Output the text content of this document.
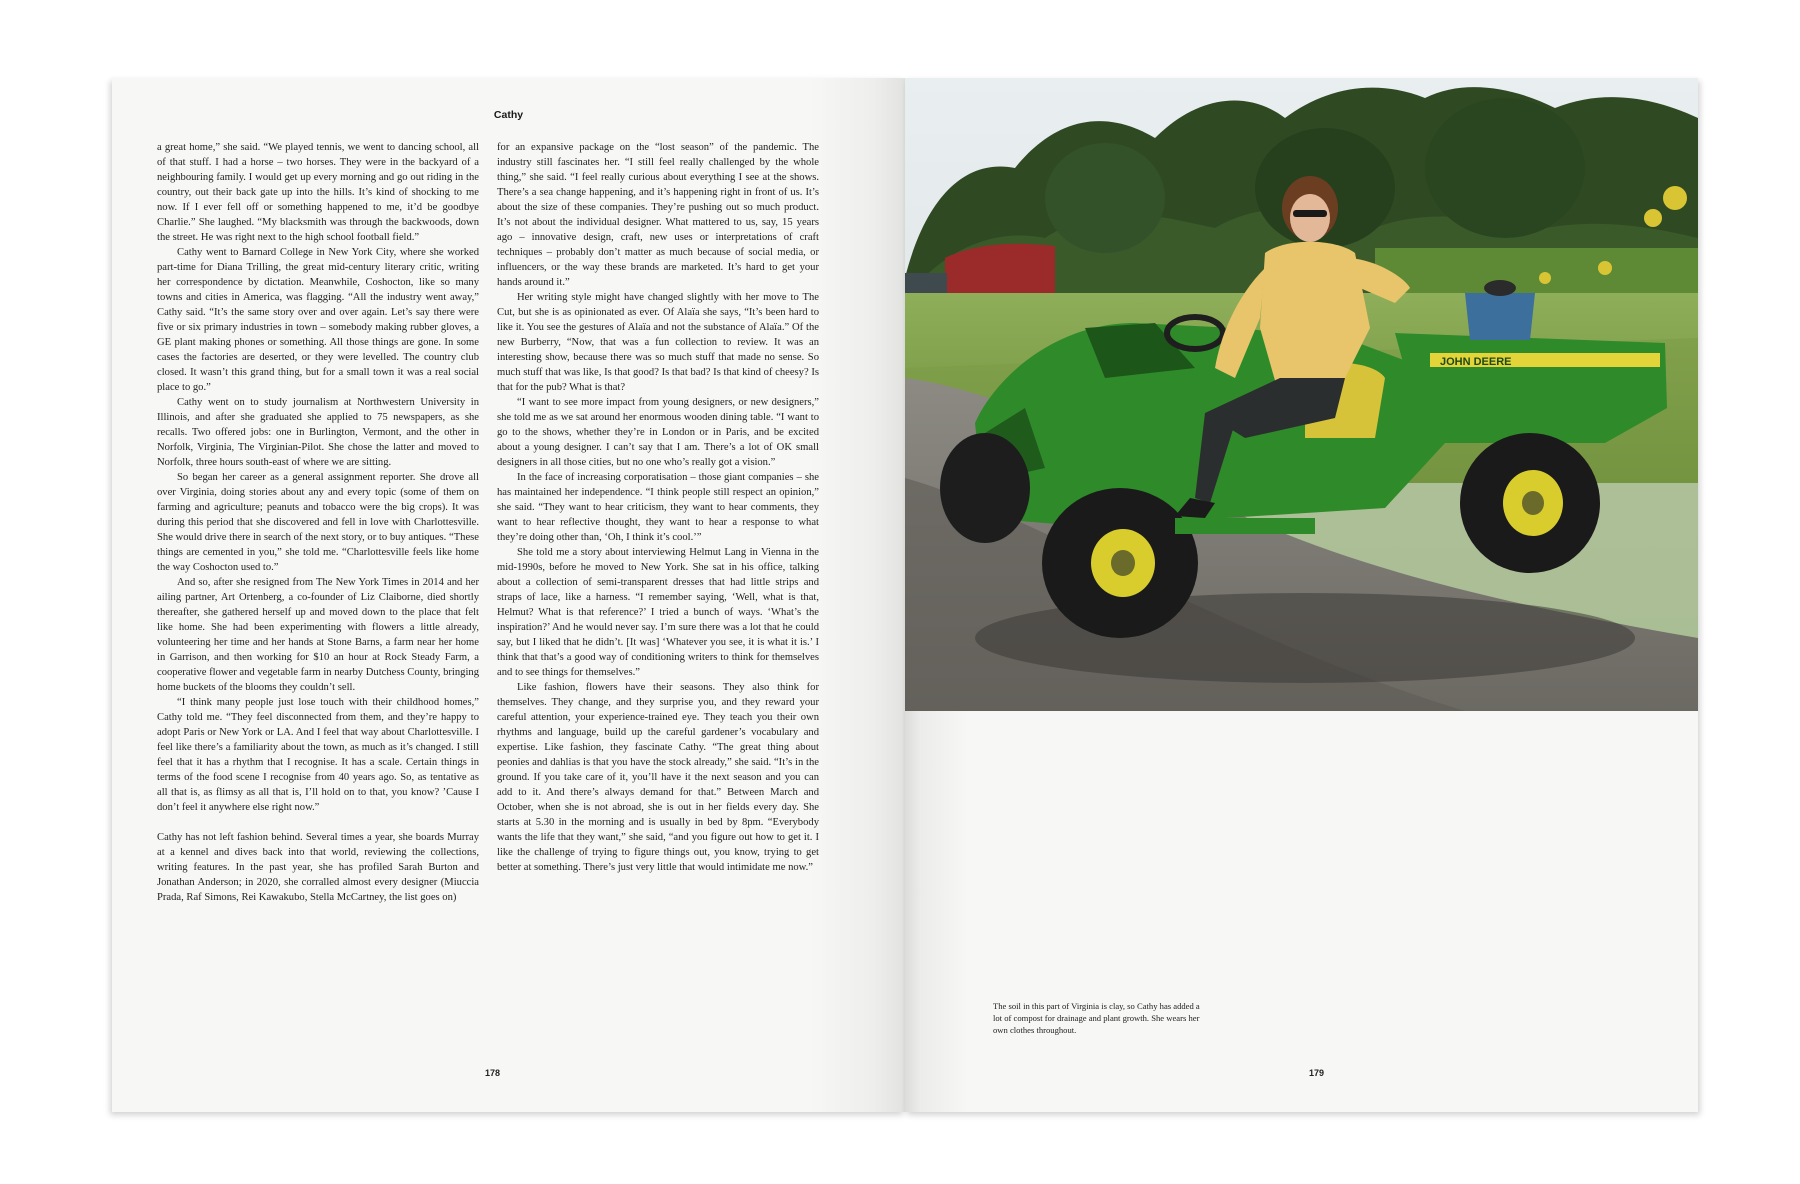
Cathy

a great home,” she said. “We played tennis, we went to dancing school, all of that stuff. I had a horse – two horses. They were in the backyard of a neighbouring family. I would get up every morning and go out riding in the country, out their back gate up into the hills. It’s kind of shocking to me now. If I ever fell off or something happened to me, it’d be goodbye Charlie.” She laughed. “My blacksmith was through the backwoods, down the street. He was right next to the high school football field.”

Cathy went to Barnard College in New York City, where she worked part-time for Diana Trilling, the great mid-century literary critic, writing her correspondence by dictation. Meanwhile, Coshocton, like so many towns and cities in America, was flagging. “All the industry went away,” Cathy said. “It’s the same story over and over again. Let’s say there were five or six primary industries in town – somebody making rubber gloves, a GE plant making phones or something. All those things are gone. In some cases the factories are deserted, or they were levelled. The country club closed. It wasn’t this grand thing, but for a small town it was a real social place to go.”

Cathy went on to study journalism at Northwestern University in Illinois, and after she graduated she applied to 75 newspapers, as she recalls. Two offered jobs: one in Burlington, Vermont, and the other in Norfolk, Virginia, The Virginian-Pilot. She chose the latter and moved to Norfolk, three hours south-east of where we are sitting.

So began her career as a general assignment reporter. She drove all over Virginia, doing stories about any and every topic (some of them on farming and agriculture; peanuts and tobacco were the big crops). It was during this period that she discovered and fell in love with Charlottesville. She would drive there in search of the next story, or to buy antiques. “These things are cemented in you,” she told me. “Charlottesville feels like home the way Coshocton used to.”

And so, after she resigned from The New York Times in 2014 and her ailing partner, Art Ortenberg, a co-founder of Liz Claiborne, died shortly thereafter, she gathered herself up and moved down to the place that felt like home. She had been experimenting with flowers a little already, volunteering her time and her hands at Stone Barns, a farm near her home in Garrison, and then working for $10 an hour at Rock Steady Farm, a cooperative flower and vegetable farm in nearby Dutchess County, bringing home buckets of the blooms they couldn’t sell.

“I think many people just lose touch with their childhood homes,” Cathy told me. “They feel disconnected from them, and they’re happy to adopt Paris or New York or LA. And I feel that way about Charlottesville. I feel like there’s a familiarity about the town, as much as it’s changed. I still feel that it has a rhythm that I recognise. It has a scale. Certain things in terms of the food scene I recognise from 40 years ago. So, as tentative as all that is, as flimsy as all that is, I’ll hold on to that, you know? ’Cause I don’t feel it anywhere else right now.”

Cathy has not left fashion behind. Several times a year, she boards Murray at a kennel and dives back into that world, reviewing the collections, writing features. In the past year, she has profiled Sarah Burton and Jonathan Anderson; in 2020, she corralled almost every designer (Miuccia Prada, Raf Simons, Rei Kawakubo, Stella McCartney, the list goes on)

for an expansive package on the “lost season” of the pandemic. The industry still fascinates her. “I still feel really challenged by the whole thing,” she said. “I feel really curious about everything I see at the shows. There’s a sea change happening, and it’s happening right in front of us. It’s about the size of these companies. They’re pushing out so much product. It’s not about the individual designer. What mattered to us, say, 15 years ago – innovative design, craft, new uses or interpretations of craft techniques – probably don’t matter as much because of social media, or influencers, or the way these brands are marketed. It’s hard to get your hands around it.”

Her writing style might have changed slightly with her move to The Cut, but she is as opinionated as ever. Of Alaïa she says, “It’s been hard to like it. You see the gestures of Alaïa and not the substance of Alaïa.” Of the new Burberry, “Now, that was a fun collection to review. It was an interesting show, because there was so much stuff that made no sense. So much stuff that was like, Is that good? Is that bad? Is that kind of cheesy? Is that for the pub? What is that?

“I want to see more impact from young designers, or new designers,” she told me as we sat around her enormous wooden dining table. “I want to go to the shows, whether they’re in London or in Paris, and be excited about a young designer. I can’t say that I am. There’s a lot of OK small designers in all those cities, but no one who’s really got a vision.”

In the face of increasing corporatisation – those giant companies – she has maintained her independence. “I think people still respect an opinion,” she said. “They want to hear criticism, they want to hear comments, they want to hear reflective thought, they want to hear a response to what they’re doing other than, ‘Oh, I think it’s cool.’”

She told me a story about interviewing Helmut Lang in Vienna in the mid-1990s, before he moved to New York. She sat in his office, talking about a collection of semi-transparent dresses that had little strips and straps of lace, like a harness. “I remember saying, ‘Well, what is that, Helmut? What is that reference?’ I tried a bunch of ways. ‘What’s the inspiration?’ And he would never say. I’m sure there was a lot that he could say, but I liked that he didn’t. [It was] ‘Whatever you see, it is what it is.’ I think that that’s a good way of conditioning writers to think for themselves and to see things for themselves.”

Like fashion, flowers have their seasons. They also think for themselves. They change, and they surprise you, and they reward your careful attention, your experience-trained eye. They teach you their own rhythms and language, build up the careful gardener’s vocabulary and expertise. Like fashion, they fascinate Cathy. “The great thing about peonies and dahlias is that you have the stock already,” she said. “It’s in the ground. If you take care of it, you’ll have it the next season and you can add to it. And there’s always demand for that.” Between March and October, when she is not abroad, she is out in her fields every day. She starts at 5.30 in the morning and is usually in bed by 8pm. “Everybody wants the life that they want,” she said, “and you figure out how to get it. I like the challenge of trying to figure things out, you know, trying to get better at something. There’s just very little that would intimidate me now.”

178
The soil in this part of Virginia is clay, so Cathy has added a lot of compost for drainage and plant growth. She wears her own clothes throughout.
179
JOHN DEERE
